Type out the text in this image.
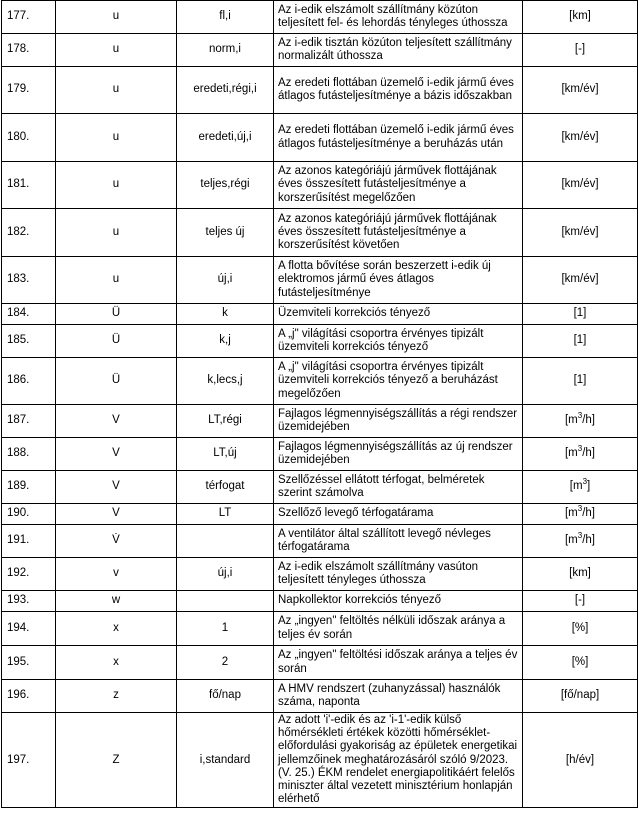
177.	u	fl,i	Az i-edik elszámolt szállítmány közúton teljesített fel- és lehordás tényleges úthossza	[km]
178.	u	norm,i	Az i-edik tisztán közúton teljesített szállítmány normalizált úthossza	[-]
179.	u	eredeti,régi,i	Az eredeti flottában üzemelő i-edik jármű éves átlagos futásteljesítménye a bázis időszakban	[km/év]
180.	u	eredeti,új,i	Az eredeti flottában üzemelő i-edik jármű éves átlagos futásteljesítménye a beruházás után	[km/év]
181.	u	teljes,régi	Az azonos kategóriájú járművek flottájának éves összesített futásteljesítménye a korszerűsítést megelőzően	[km/év]
182.	u	teljes új	Az azonos kategóriájú járművek flottájának éves összesített futásteljesítménye a korszerűsítést követően	[km/év]
183.	u	új,i	A flotta bővítése során beszerzett i-edik új elektromos jármű éves átlagos futásteljesítménye	[km/év]
184.	Ü	k	Üzemviteli korrekciós tényező	[1]
185.	Ü	k,j	A „j" világítási csoportra érvényes tipizált üzemviteli korrekciós tényező	[1]
186.	Ü	k,lecs,j	A „j" világítási csoportra érvényes tipizált üzemviteli korrekciós tényező a beruházást megelőzően	[1]
187.	V	LT,régi	Fajlagos légmennyiségszállítás a régi rendszer üzemidejében	$[m^3/h]$
188.	V	LT,új	Fajlagos légmennyiségszállítás az új rendszer üzemidejében	$[m^3/h]$
189.	V	térfogat	Szellőzéssel ellátott térfogat, belméretek szerint számolva	$[m^3]$
190.	V	LT	Szellőző levegő térfogatárama	$[m^3/h]$
191.	V̇		A ventilátor által szállított levegő névleges térfogatárama	$[m^3/h]$
192.	v	új,i	Az i-edik elszámolt szállítmány vasúton teljesített tényleges úthossza	[km]
193.	w		Napkollektor korrekciós tényező	[-]
194.	x	1	Az „ingyen" feltöltés nélküli időszak aránya a teljes év során	[%]
195.	x	2	Az „ingyen" feltöltési időszak aránya a teljes év során	[%]
196.	z	fő/nap	A HMV rendszert (zuhanyzással) használók száma, naponta	[fő/nap]
197.	Z	i,standard	Az adott 'i'-edik és az 'i-1'-edik külső hőmérsékleti értékek közötti hőmérséklet-előfordulási gyakoriság az épületek energetikai jellemzőinek meghatározásáról szóló 9/2023. (V. 25.) ÉKM rendelet energiapolitikáért felelős miniszter által vezetett minisztérium honlapján elérhető	[h/év]
